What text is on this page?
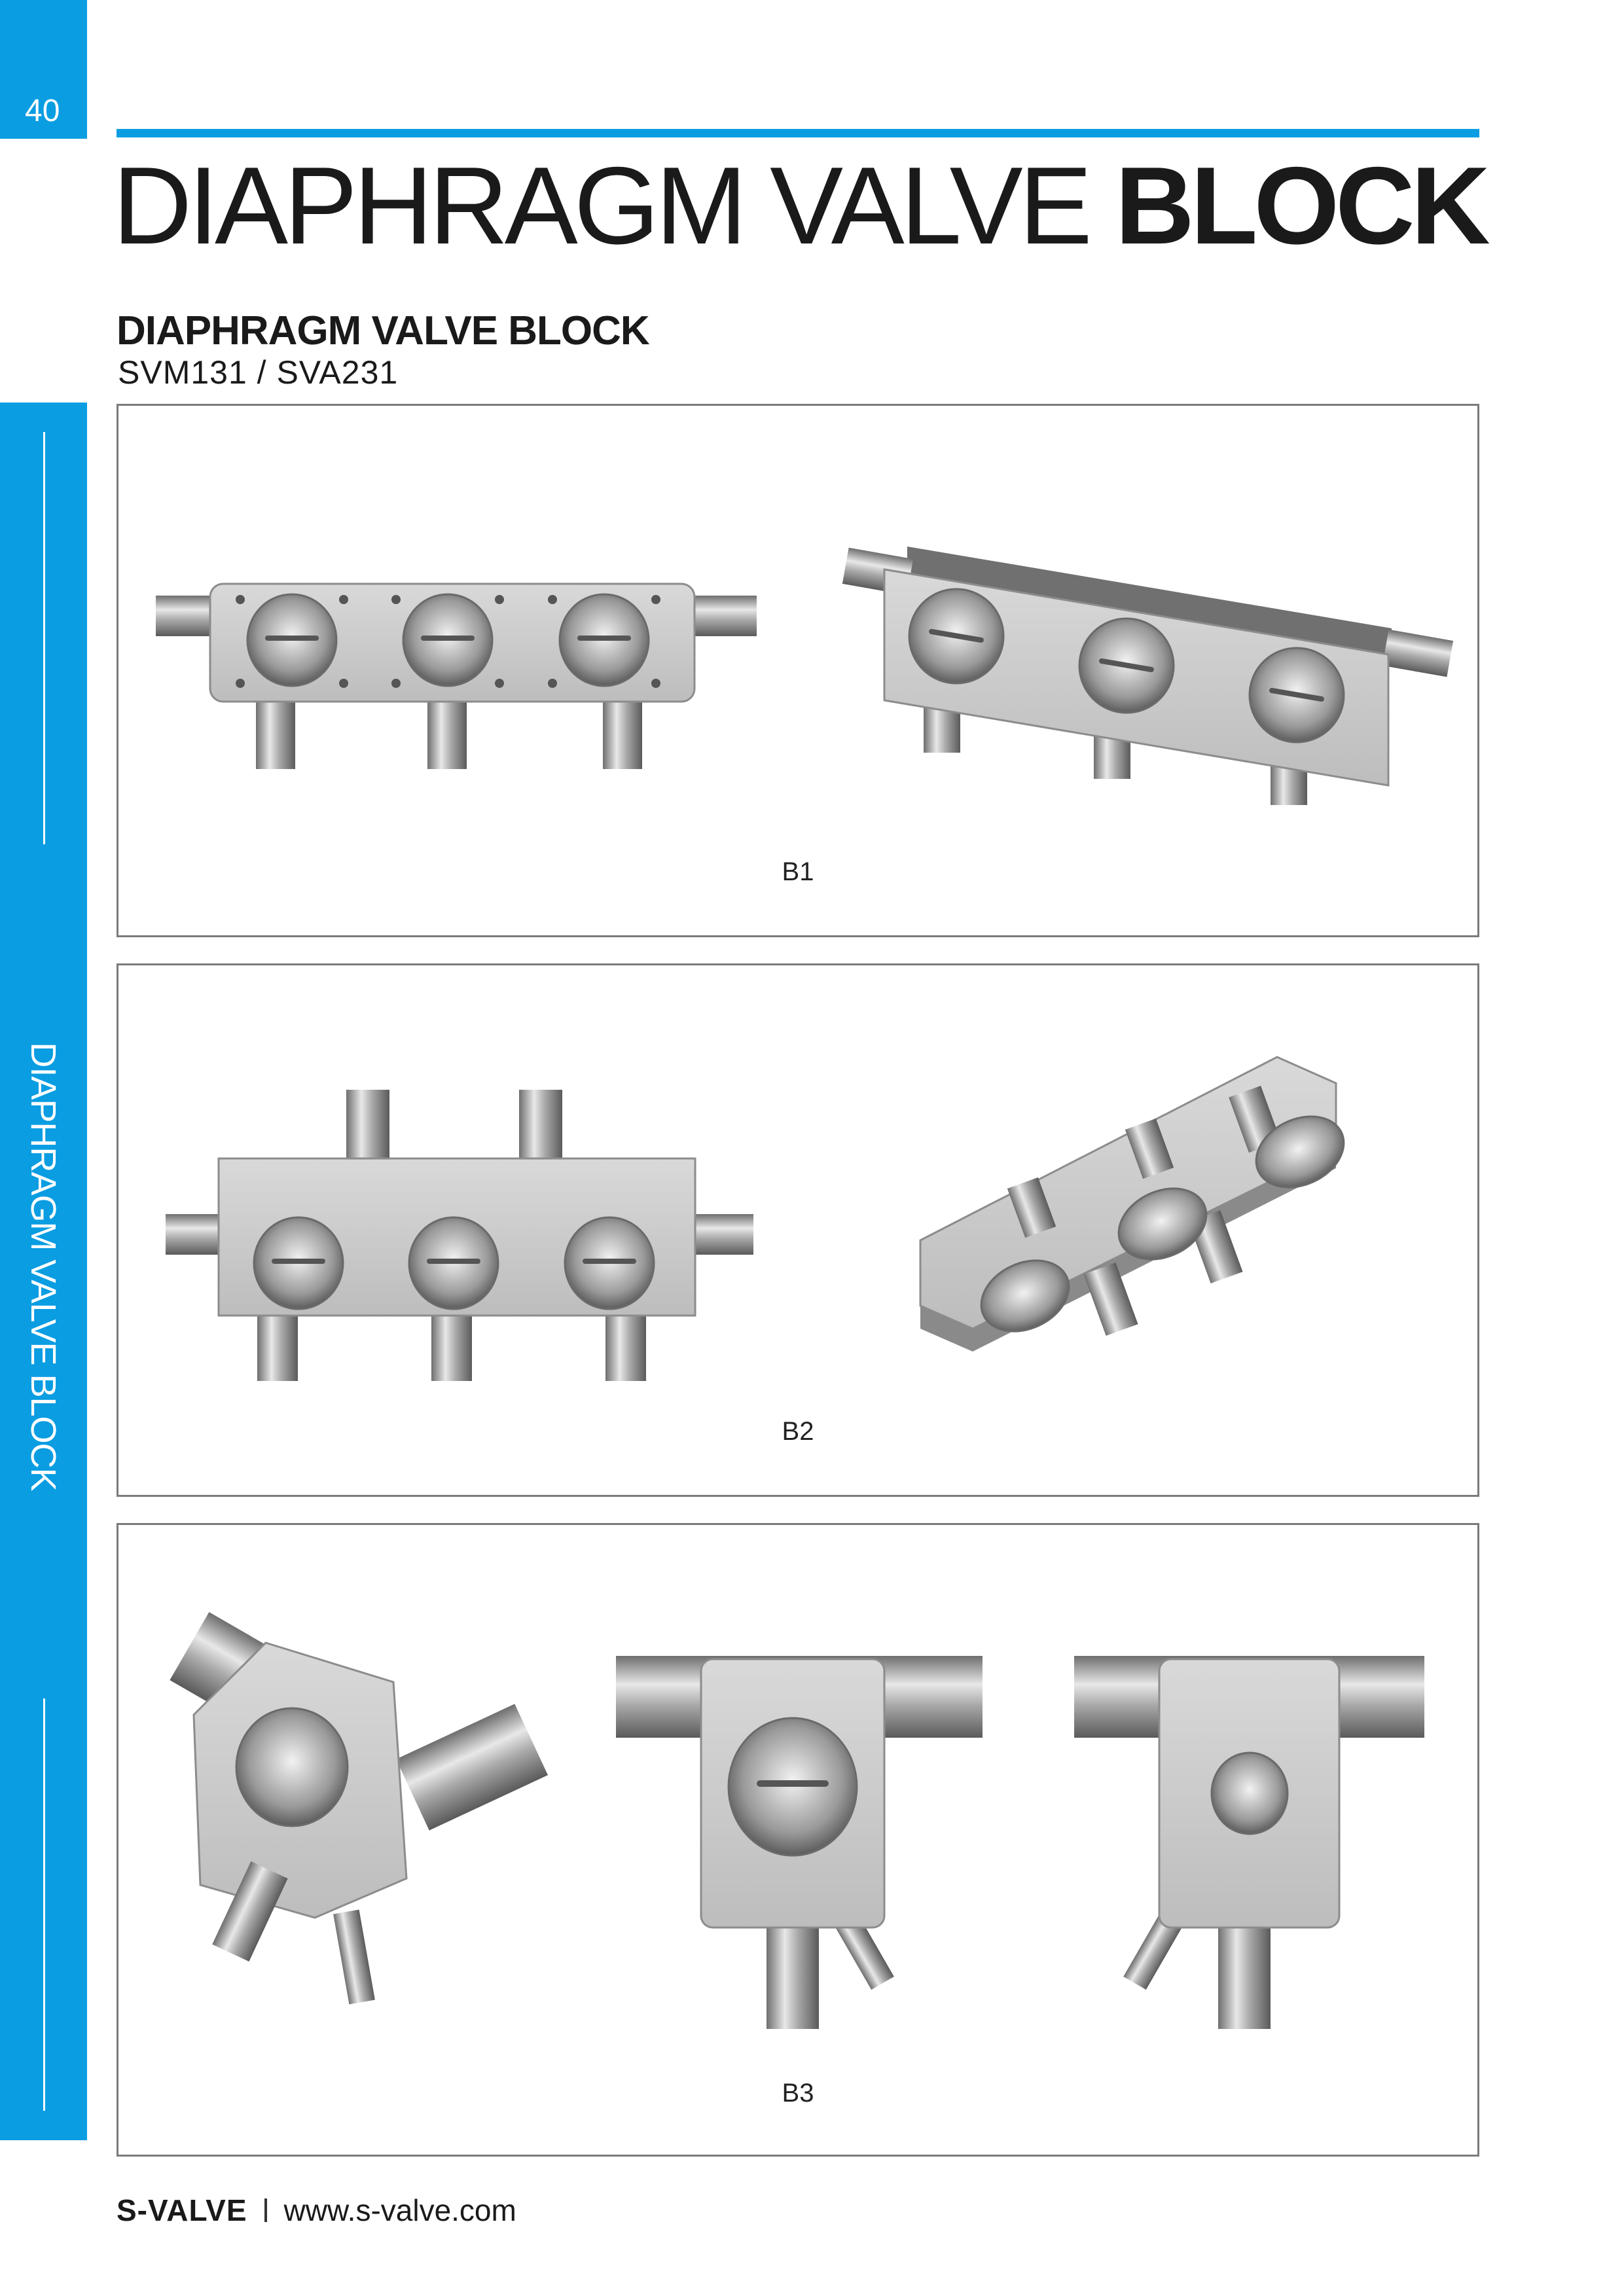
40
DIAPHRAGM VALVE BLOCK
DIAPHRAGM VALVE BLOCK
DIAPHRAGM VALVE BLOCK
SVM131 / SVA231
B1
B2
B3
S-VALVE www.s-valve.com
